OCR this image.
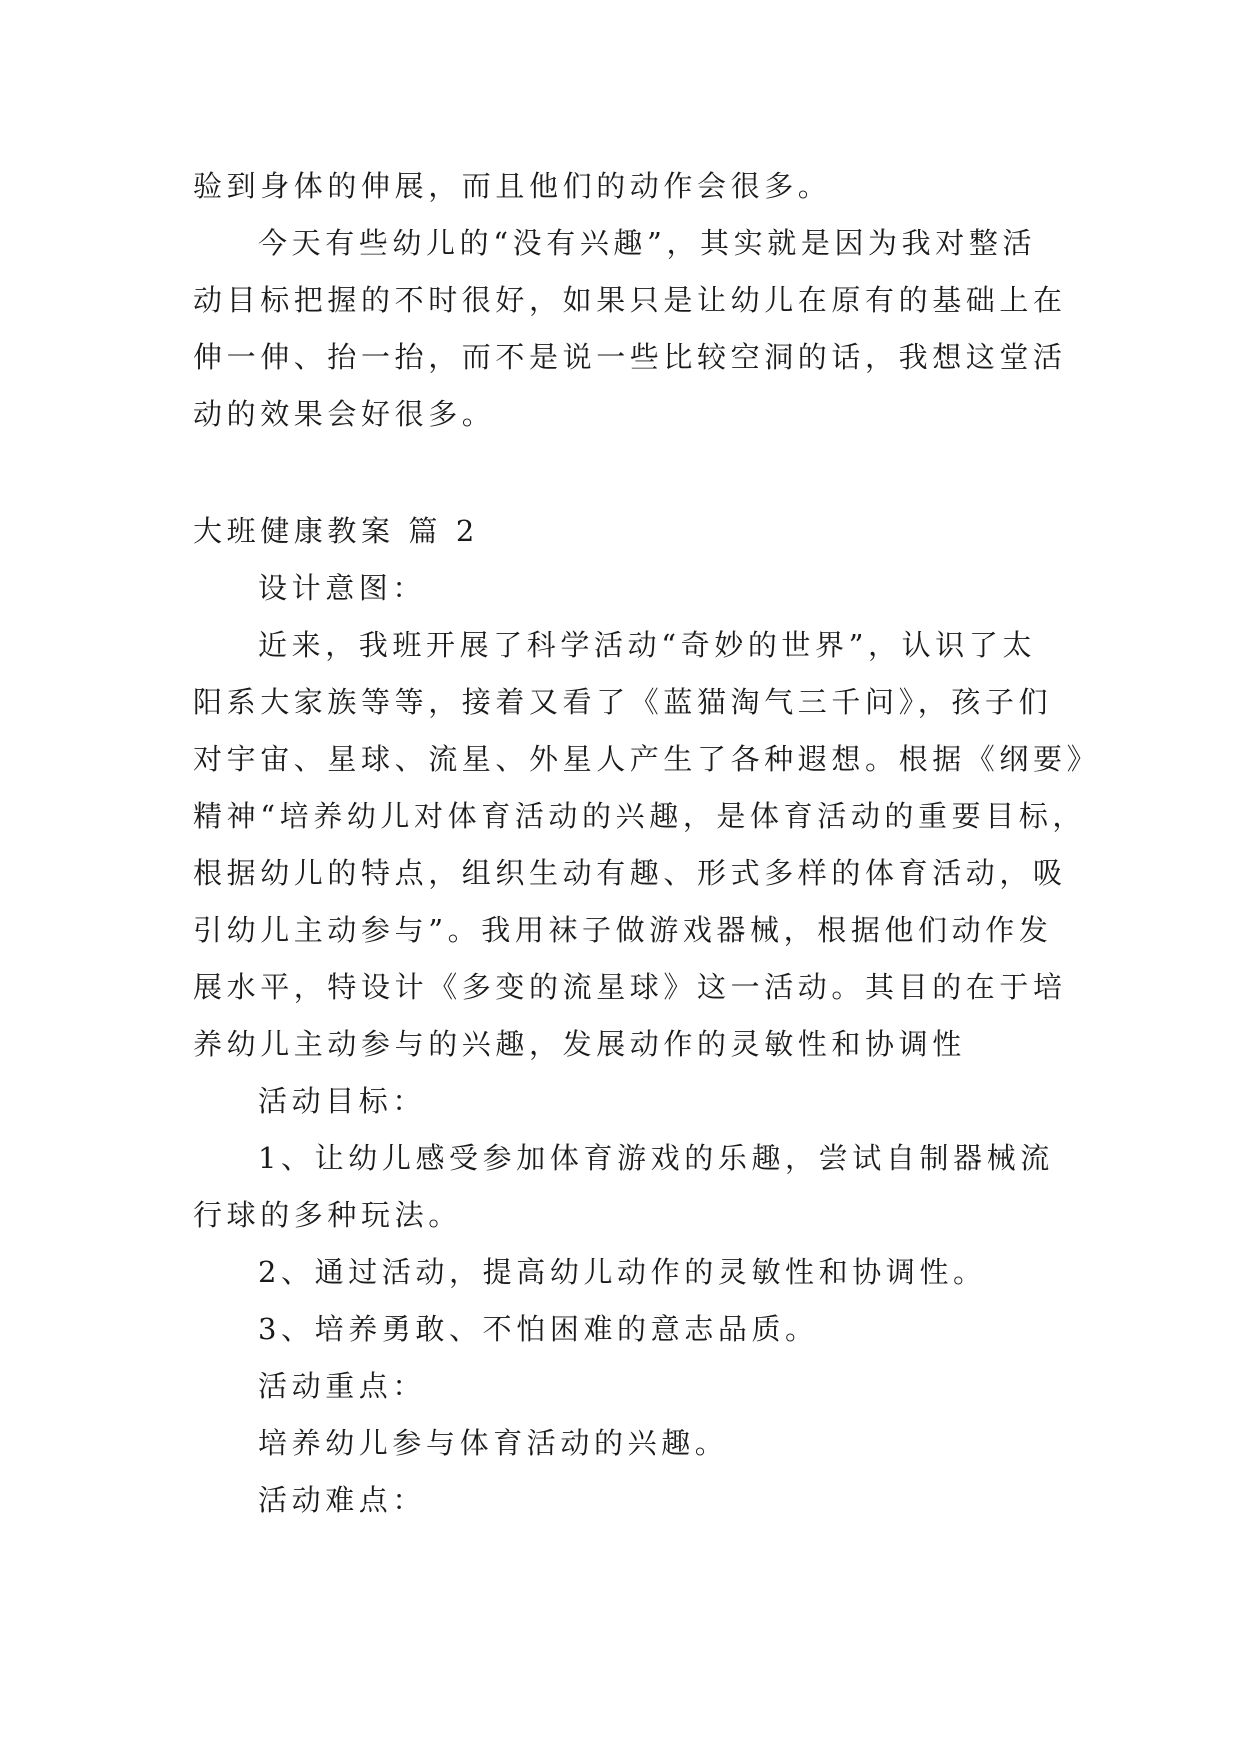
验到身体的伸展，而且他们的动作会很多。
今天有些幼儿的“没有兴趣”，其实就是因为我对整活
动目标把握的不时很好，如果只是让幼儿在原有的基础上在
伸一伸、抬一抬，而不是说一些比较空洞的话，我想这堂活
动的效果会好很多。
大班健康教案 篇 2
设计意图：
近来，我班开展了科学活动“奇妙的世界”，认识了太
阳系大家族等等，接着又看了《蓝猫淘气三千问》，孩子们
对宇宙、星球、流星、外星人产生了各种遐想。根据《纲要》
精神“培养幼儿对体育活动的兴趣，是体育活动的重要目标，
根据幼儿的特点，组织生动有趣、形式多样的体育活动，吸
引幼儿主动参与”。我用袜子做游戏器械，根据他们动作发
展水平，特设计《多变的流星球》这一活动。其目的在于培
养幼儿主动参与的兴趣，发展动作的灵敏性和协调性
活动目标：
1、让幼儿感受参加体育游戏的乐趣，尝试自制器械流
行球的多种玩法。
2、通过活动，提高幼儿动作的灵敏性和协调性。
3、培养勇敢、不怕困难的意志品质。
活动重点：
培养幼儿参与体育活动的兴趣。
活动难点：
